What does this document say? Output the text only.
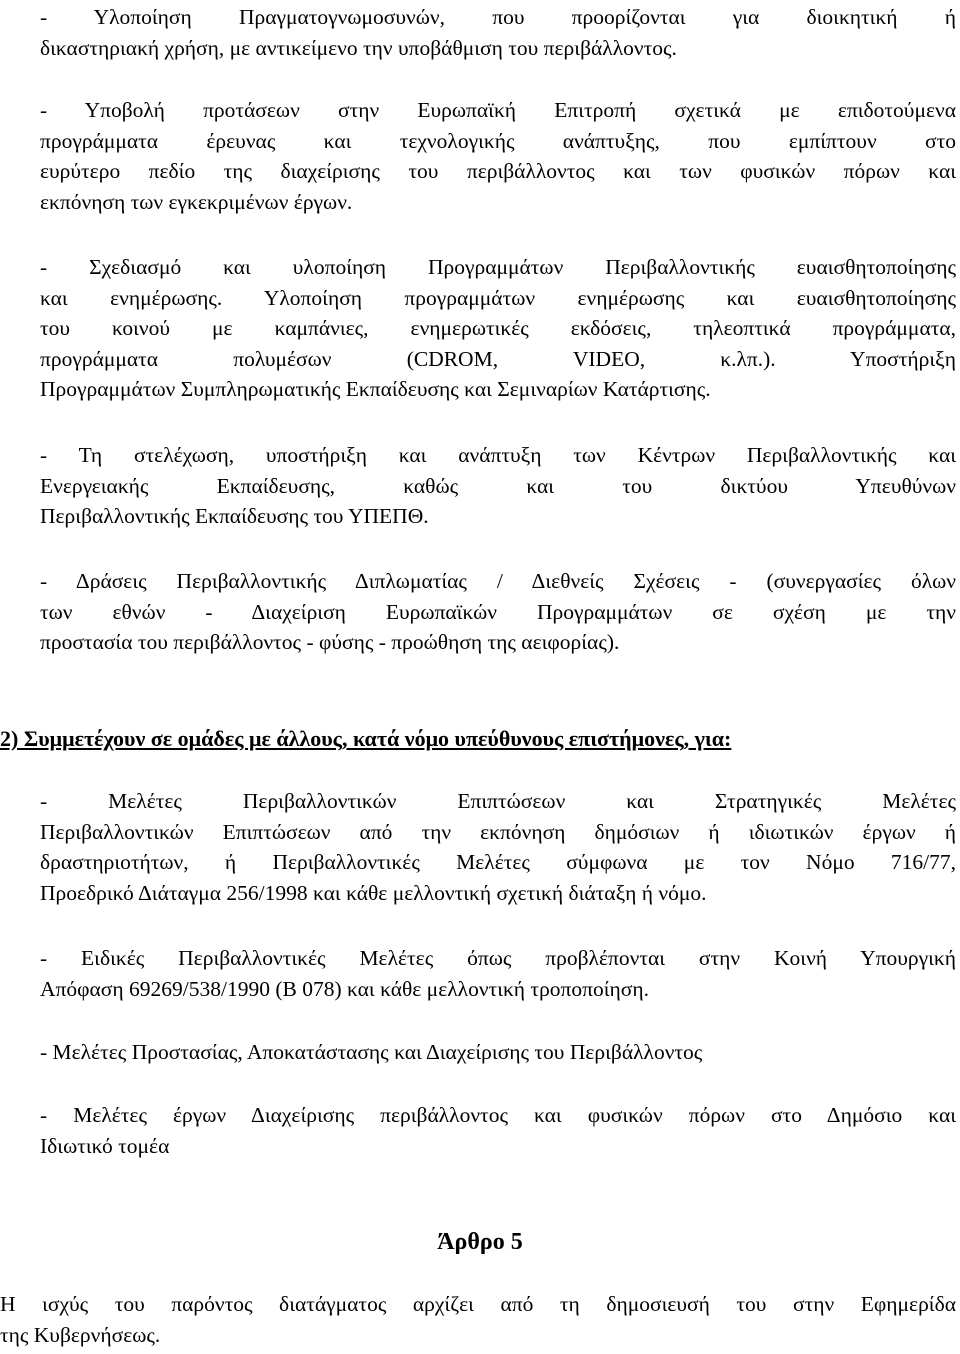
- Υλοποίηση Πραγματογνωμοσυνών, που προορίζονται για διοικητική ή
δικαστηριακή χρήση, με αντικείμενο την υποβάθμιση του περιβάλλοντος.
- Υποβολή προτάσεων στην Ευρωπαϊκή Επιτροπή σχετικά με επιδοτούμενα
προγράμματα έρευνας και τεχνολογικής ανάπτυξης, που εμπίπτουν στο
ευρύτερο πεδίο της διαχείρισης του περιβάλλοντος και των φυσικών πόρων και
εκπόνηση των εγκεκριμένων έργων.
- Σχεδιασμό και υλοποίηση Προγραμμάτων Περιβαλλοντικής ευαισθητοποίησης
και ενημέρωσης. Υλοποίηση προγραμμάτων ενημέρωσης και ευαισθητοποίησης
του κοινού με καμπάνιες, ενημερωτικές εκδόσεις, τηλεοπτικά προγράμματα,
προγράμματα πολυμέσων (CDROM, VIDEO, κ.λπ.). Υποστήριξη
Προγραμμάτων Συμπληρωματικής Εκπαίδευσης και Σεμιναρίων Κατάρτισης.
- Τη στελέχωση, υποστήριξη και ανάπτυξη των Κέντρων Περιβαλλοντικής και
Ενεργειακής Εκπαίδευσης, καθώς και του δικτύου Υπευθύνων
Περιβαλλοντικής Εκπαίδευσης του ΥΠΕΠΘ.
- Δράσεις Περιβαλλοντικής Διπλωματίας / Διεθνείς Σχέσεις - (συνεργασίες όλων
των εθνών - Διαχείριση Ευρωπαϊκών Προγραμμάτων σε σχέση με την
προστασία του περιβάλλοντος - φύσης - προώθηση της αειφορίας).
2) Συμμετέχουν σε ομάδες με άλλους, κατά νόμο υπεύθυνους επιστήμονες, για:
- Μελέτες Περιβαλλοντικών Επιπτώσεων και Στρατηγικές Μελέτες
Περιβαλλοντικών Επιπτώσεων από την εκπόνηση δημόσιων ή ιδιωτικών έργων ή
δραστηριοτήτων, ή Περιβαλλοντικές Μελέτες σύμφωνα με τον Νόμο 716/77,
Προεδρικό Διάταγμα 256/1998 και κάθε μελλοντική σχετική διάταξη ή νόμο.
- Ειδικές Περιβαλλοντικές Μελέτες όπως προβλέπονται στην Κοινή Υπουργική
Απόφαση 69269/538/1990 (Β 078) και κάθε μελλοντική τροποποίηση.
- Μελέτες Προστασίας, Αποκατάστασης και Διαχείρισης του Περιβάλλοντος
- Μελέτες έργων Διαχείρισης περιβάλλοντος και φυσικών πόρων στο Δημόσιο και
Ιδιωτικό τομέα
Άρθρο 5
Η ισχύς του παρόντος διατάγματος αρχίζει από τη δημοσιευσή του στην Εφημερίδα
της Κυβερνήσεως.
